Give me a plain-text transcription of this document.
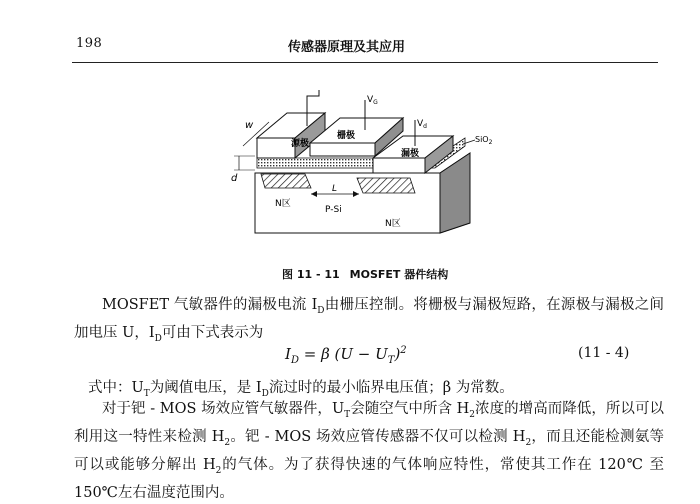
198	传感器原理及其应用
$V_G$
$V_d$
SiO$_2$
w
d
源极
栅极
漏极
N区
L
P-Si
N区
图 11 - 11 MOSFET 器件结构
MOSFET 气敏器件的漏极电流 $I_D$由栅压控制。将栅极与漏极短路，在源极与漏极之间加电压 U，$I_D$可由下式表示为
$I_D = \beta$ $(U - U_T)^2$	(11 - 4)
式中：$U_T$为阈值电压，是 $I_D$流过时的最小临界电压值；β 为常数。
对于钯 - MOS 场效应管气敏器件，$U_T$会随空气中所含 $H_2$浓度的增高而降低，所以可以利用这一特性来检测 $H_2$。钯 - MOS 场效应管传感器不仅可以检测 $H_2$，而且还能检测氨等可以或能够分解出 $H_2$的气体。为了获得快速的气体响应特性，常使其工作在 120℃ 至 150℃左右温度范围内。
